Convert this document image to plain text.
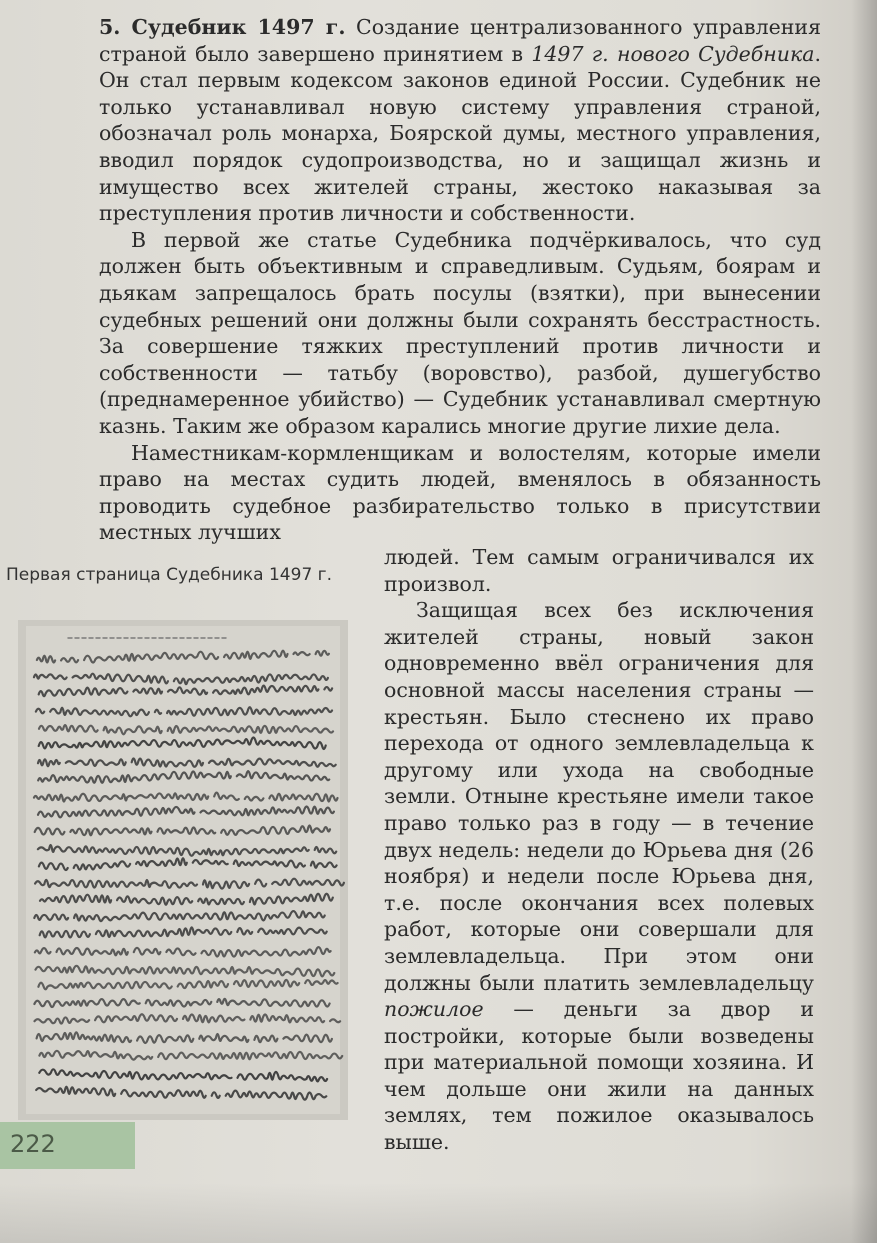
5. Судебник 1497 г. Создание централизованного управления страной было завершено принятием в 1497 г. нового Судебника. Он стал первым кодексом законов единой России. Судебник не только устанавливал новую систему управления страной, обозначал роль монарха, Боярской думы, местного управления, вводил порядок судопроизводства, но и защищал жизнь и имущество всех жителей страны, жестоко наказывая за преступления против личности и собственности.

В первой же статье Судебника подчёркивалось, что суд должен быть объективным и справедливым. Судьям, боярам и дьякам запрещалось брать посулы (взятки), при вынесении судебных решений они должны были сохранять бесстрастность. За совершение тяжких преступлений против личности и собственности — татьбу (воровство), разбой, душегубство (преднамеренное убийство) — Судебник устанавливал смертную казнь. Таким же образом карались многие другие лихие дела.

Наместникам-кормленщикам и волостелям, которые имели право на местах судить людей, вменялось в обязанность проводить судебное разбирательство только в присутствии местных лучших

Первая страница Судебника 1497 г.

людей. Тем самым ограничивался их произвол.

Защищая всех без исключения жителей страны, новый закон одновременно ввёл ограничения для основной массы населения страны — крестьян. Было стеснено их право перехода от одного землевладельца к другому или ухода на свободные земли. Отныне крестьяне имели такое право только раз в году — в течение двух недель: недели до Юрьева дня (26 ноября) и недели после Юрьева дня, т.е. после окончания всех полевых работ, которые они совершали для землевладельца. При этом они должны были платить землевладельцу пожилое — деньги за двор и постройки, которые были возведены при материальной помощи хозяина. И чем дольше они жили на данных землях, тем пожилое оказывалось выше.

222
